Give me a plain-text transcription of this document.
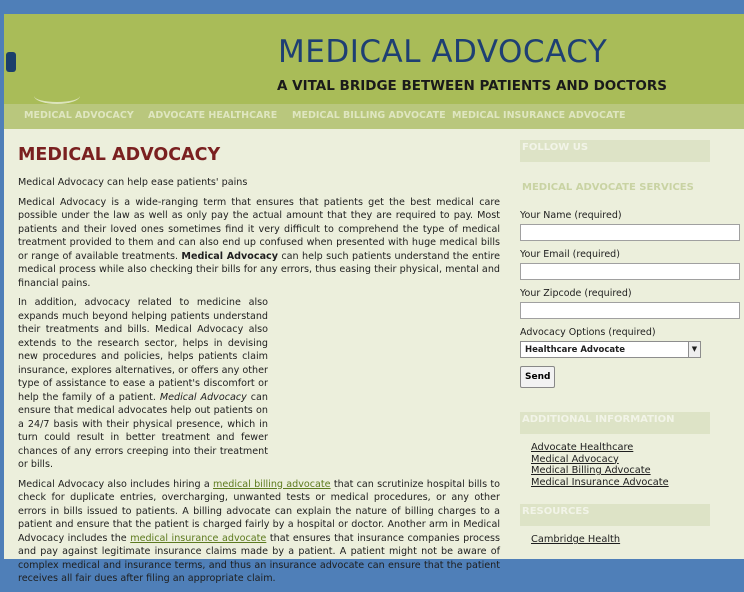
MEDICAL ADVOCACY
A VITAL BRIDGE BETWEEN PATIENTS AND DOCTORS
MEDICAL ADVOCACY ADVOCATE HEALTHCARE MEDICAL BILLING ADVOCATE MEDICAL INSURANCE ADVOCATE
MEDICAL ADVOCACY

Medical Advocacy can help ease patients' pains

Medical Advocacy is a wide-ranging term that ensures that patients get the best medical care possible under the law as well as only pay the actual amount that they are required to pay. Most patients and their loved ones sometimes find it very difficult to comprehend the type of medical treatment provided to them and can also end up confused when presented with huge medical bills or range of available treatments. Medical Advocacy can help such patients understand the entire medical process while also checking their bills for any errors, thus easing their physical, mental and financial pains.

In addition, advocacy related to medicine also expands much beyond helping patients understand their treatments and bills. Medical Advocacy also extends to the research sector, helps in devising new procedures and policies, helps patients claim insurance, explores alternatives, or offers any other type of assistance to ease a patient's discomfort or help the family of a patient. Medical Advocacy can ensure that medical advocates help out patients on a 24/7 basis with their physical presence, which in turn could result in better treatment and fewer chances of any errors creeping into their treatment or bills.

Medical Advocacy also includes hiring a medical billing advocate that can scrutinize hospital bills to check for duplicate entries, overcharging, unwanted tests or medical procedures, or any other errors in bills issued to patients. A billing advocate can explain the nature of billing charges to a patient and ensure that the patient is charged fairly by a hospital or doctor. Another arm in Medical Advocacy includes the medical insurance advocate that ensures that insurance companies process and pay against legitimate insurance claims made by a patient. A patient might not be aware of complex medical and insurance terms, and thus an insurance advocate can ensure that the patient receives all fair dues after filing an appropriate claim.

FOLLOW US
MEDICAL ADVOCATE SERVICES
Your Name (required)
Your Email (required)
Your Zipcode (required)
Advocacy Options (required)
Healthcare Advocate	▼
Send
ADDITIONAL INFORMATION
Advocate Healthcare
Medical Advocacy
Medical Billing Advocate
Medical Insurance Advocate
RESOURCES
Cambridge Health
